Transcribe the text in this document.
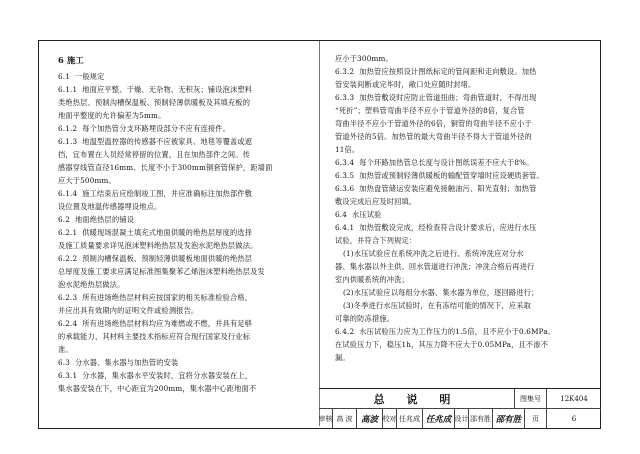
6 施工

6.1  一般规定

6.1.1  地面应平整、干燥、无杂物、无积灰；铺设泡沫塑料

类绝热层、预制沟槽保温板、预制轻薄供暖板及其填充板的

地面平整度的允许偏差为5mm。

6.1.2  每个加热管分支环路埋设部分不应有连接件。

6.1.3  地温型温控器的传感器不应被家具、地毯等覆盖或遮

挡，宜布置在人员经常停留的位置，且在加热部件之间。传

感器穿线管直径16mm、长度不小于300mm铜套管保护，距墙面

应大于500mm。

6.1.4  施工结束后应绘制竣工图，并应准确标注加热部件敷

设位置及地温传感器埋设地点。

6.2  地面绝热层的铺设

6.2.1  供暖现场混凝土填充式地面供暖的绝热层厚度的选择

及施工质量要求详见泡沫塑料绝热层及发泡水泥绝热层做法。

6.2.2  预制沟槽保温板、预制轻薄供暖板地面供暖的绝热层

总厚度及施工要求应满足标准图集聚苯乙烯泡沫塑料绝热层及发

泡水泥绝热层做法。

6.2.3  所有进场绝热层材料应按国家的相关标准检验合格，

并应出具有效期内的证明文件或检测报告。

6.2.4  所有进场绝热层材料均应为难燃或不燃，并具有足够

的承载能力，其材料主要技术指标应符合现行国家及行业标

准。

6.3  分水器、集水器与加热管的安装

6.3.1  分水器，集水器水平安装时，宜将分水器安装在上，

集水器安装在下，中心距宜为200mm，集水器中心距地面不

应小于300mm。

6.3.2  加热管应按照设计图纸标定的管间距和走向敷设。加热

管安装间断或完毕时，敞口处应随时封堵。

6.3.3  加热管敷设时应防止管道扭曲；弯曲管道时，不得出现

“死折”；塑料管弯曲半径不应小于管道外径的8倍，复合管

弯曲半径不应小于管道外径的6倍，铜管的弯曲半径不应小于

管道外径的5倍。加热管的最大弯曲半径不得大于管道外径的

11倍。

6.3.4  每个环路加热管总长度与设计图纸误差不应大于8%。

6.3.5  加热管或预制轻薄供暖板的输配管穿墙时应设硬质套管。

6.3.6  加热盘管储运安装应避免接触油污、阳光直射；加热管

敷设完成后应及时回填。

6.4  水压试验

6.4.1  加热管敷设完成，经检查符合设计要求后，应进行水压

试验，并符合下列规定：

(1)水压试验应在系统冲洗之后进行。系统冲洗应对分水

器、集水器以外主供、回水管道进行冲洗；冲洗合格后再进行

室内供暖系统的冲洗；

(2)水压试验应以每组分水器、集水器为单位，逐回路进行；

(3)冬季进行水压试验时，在有冻结可能的情况下，应采取

可靠的防冻措施。

6.4.2  水压试验压力应为工作压力的1.5倍，且不应小于0.6MPa。

在试验压力下，稳压1h，其压力降不应大于0.05MPa，且不渗不

漏。

总 说 明	图集号	12K404
审核 高 波 高波 校对 任兆成 任兆成 设计 邵有胜 邵有胜	页	6
